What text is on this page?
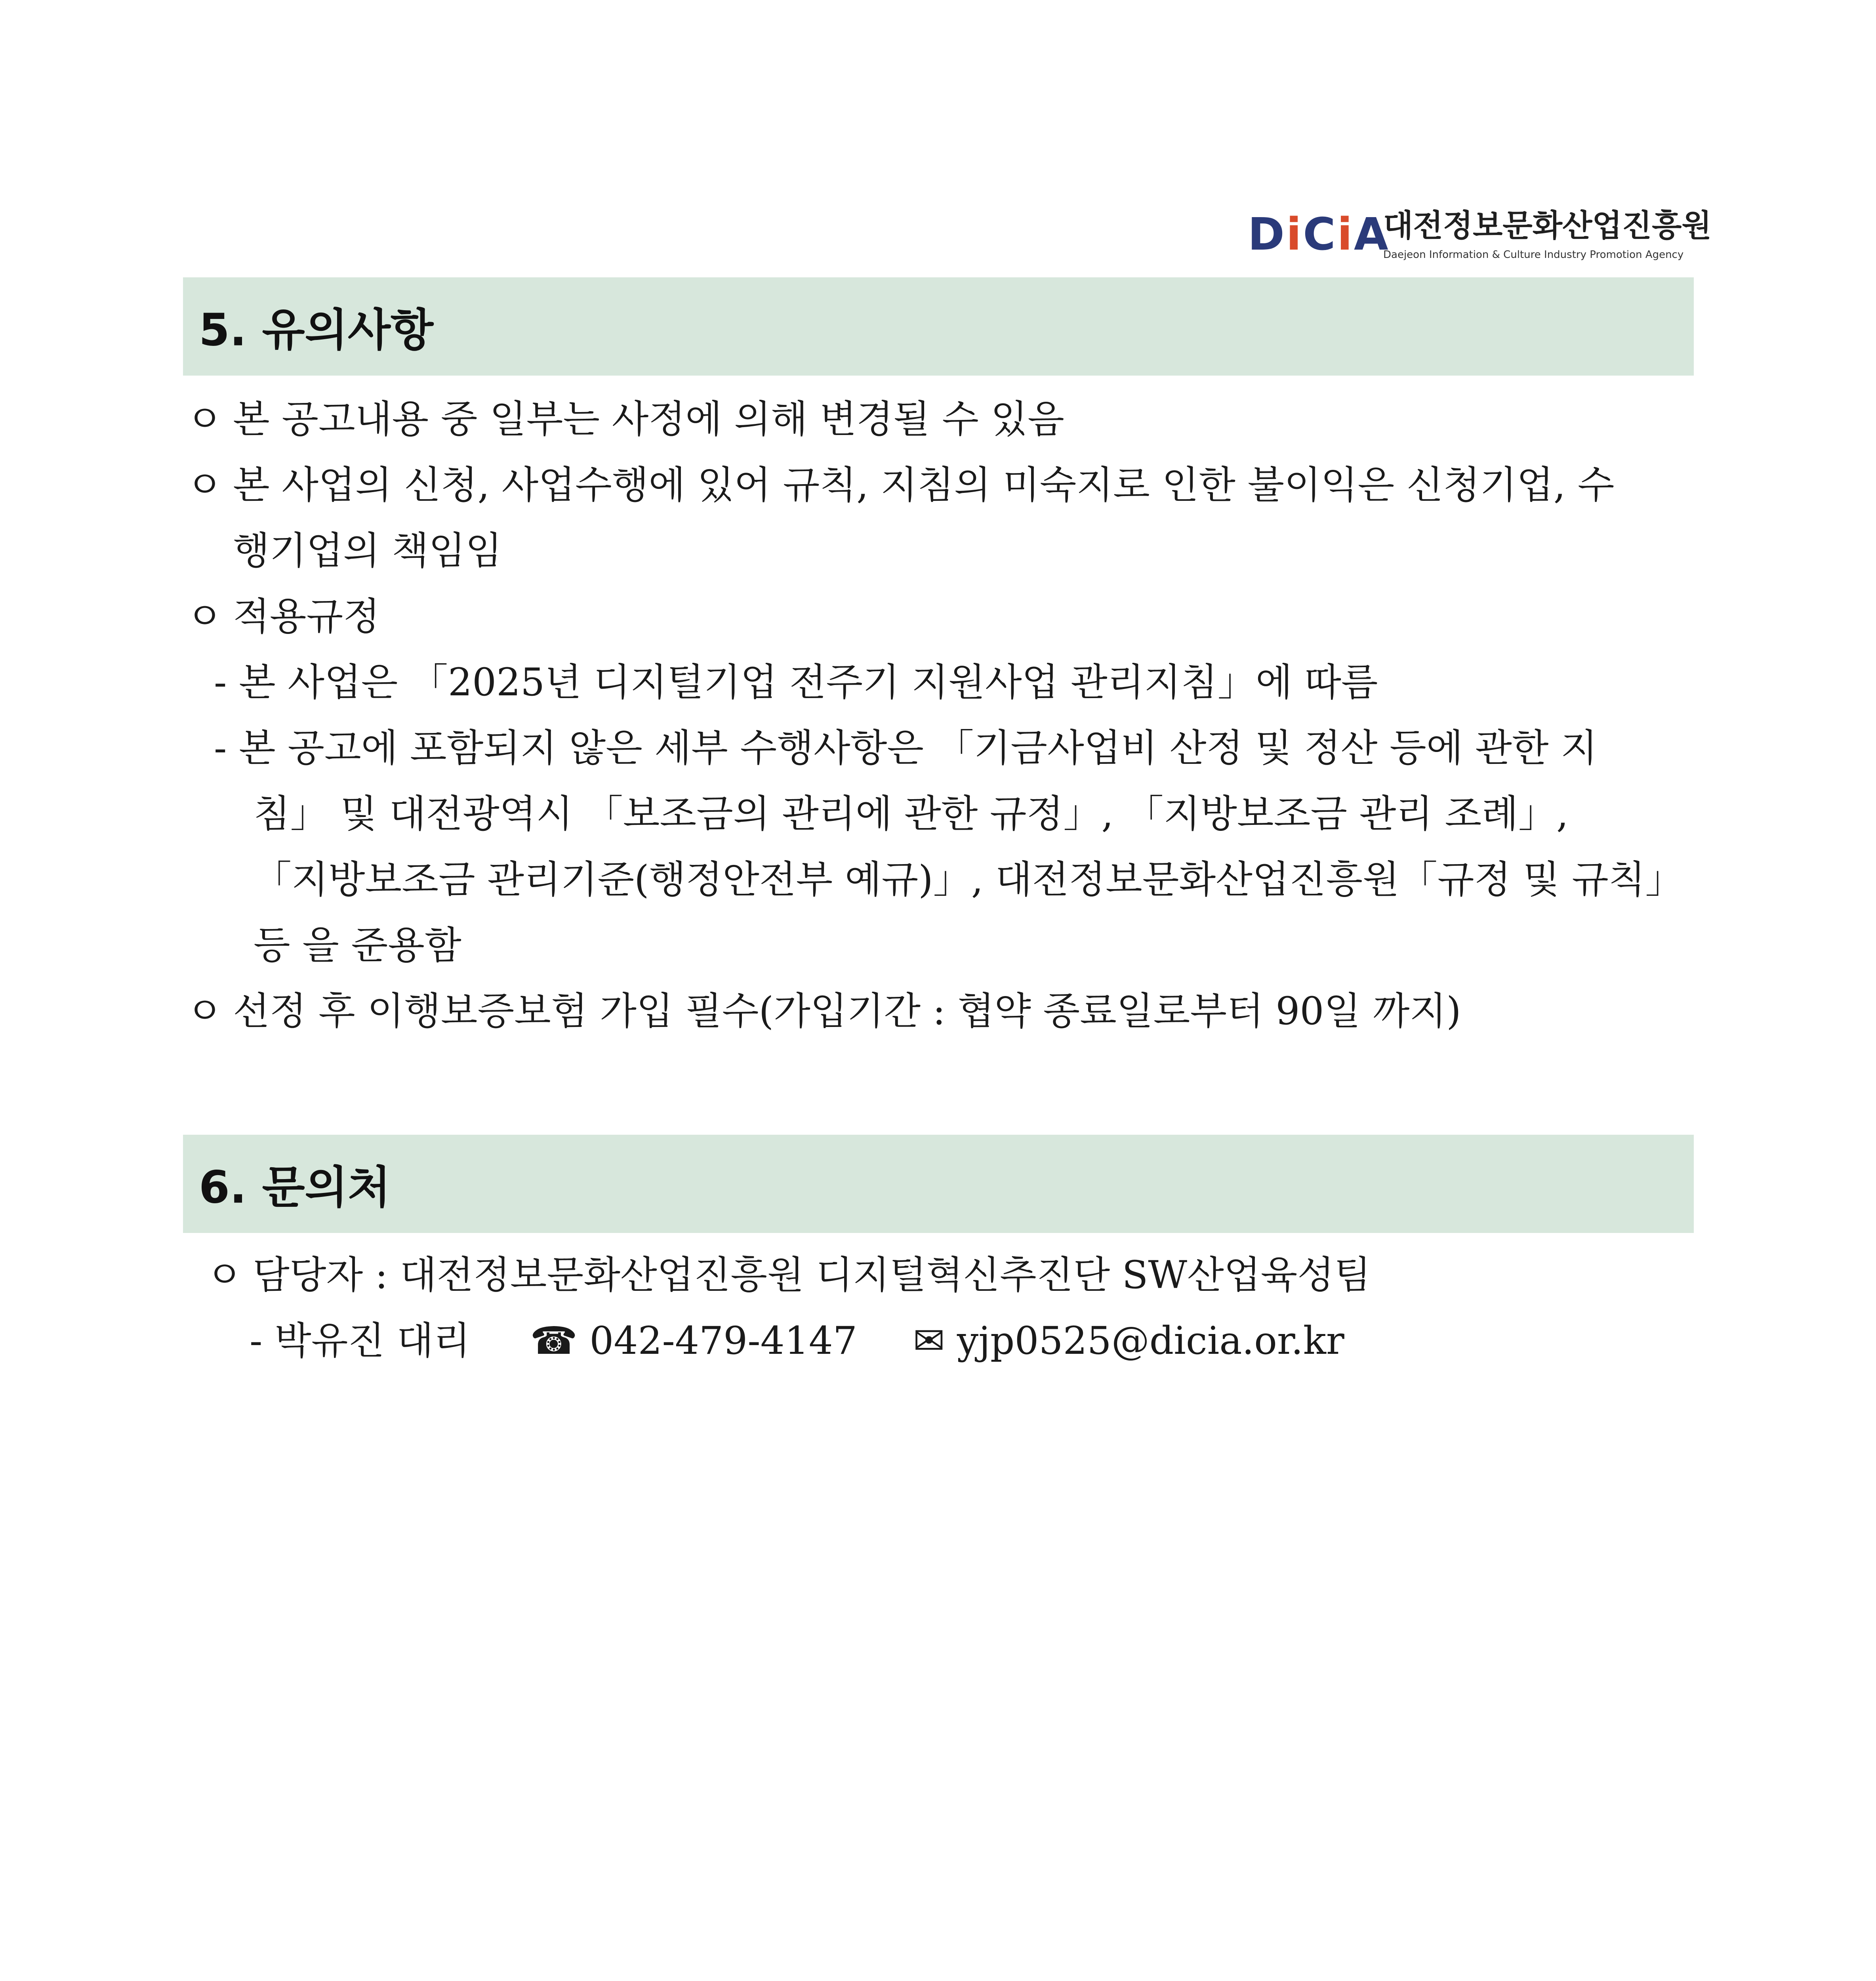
DiCiA
대전정보문화산업진흥원
Daejeon Information & Culture Industry Promotion Agency
5. 유의사항
ㅇ 본 공고내용 중 일부는 사정에 의해 변경될 수 있음
ㅇ 본 사업의 신청, 사업수행에 있어 규칙, 지침의 미숙지로 인한 불이익은 신청기업, 수
행기업의 책임임
ㅇ 적용규정
- 본 사업은 「2025년 디지털기업 전주기 지원사업 관리지침」에 따름
- 본 공고에 포함되지 않은 세부 수행사항은 「기금사업비 산정 및 정산 등에 관한 지
침」 및 대전광역시 「보조금의 관리에 관한 규정」, 「지방보조금 관리 조례」,
「지방보조금 관리기준(행정안전부 예규)」, 대전정보문화산업진흥원「규정 및 규칙」
등 을 준용함
ㅇ 선정 후 이행보증보험 가입 필수(가입기간 : 협약 종료일로부터 90일 까지)
6. 문의처
ㅇ 담당자 : 대전정보문화산업진흥원 디지털혁신추진단 SW산업육성팀
- 박유진 대리 ☎ 042-479-4147 ✉ yjp0525@dicia.or.kr
